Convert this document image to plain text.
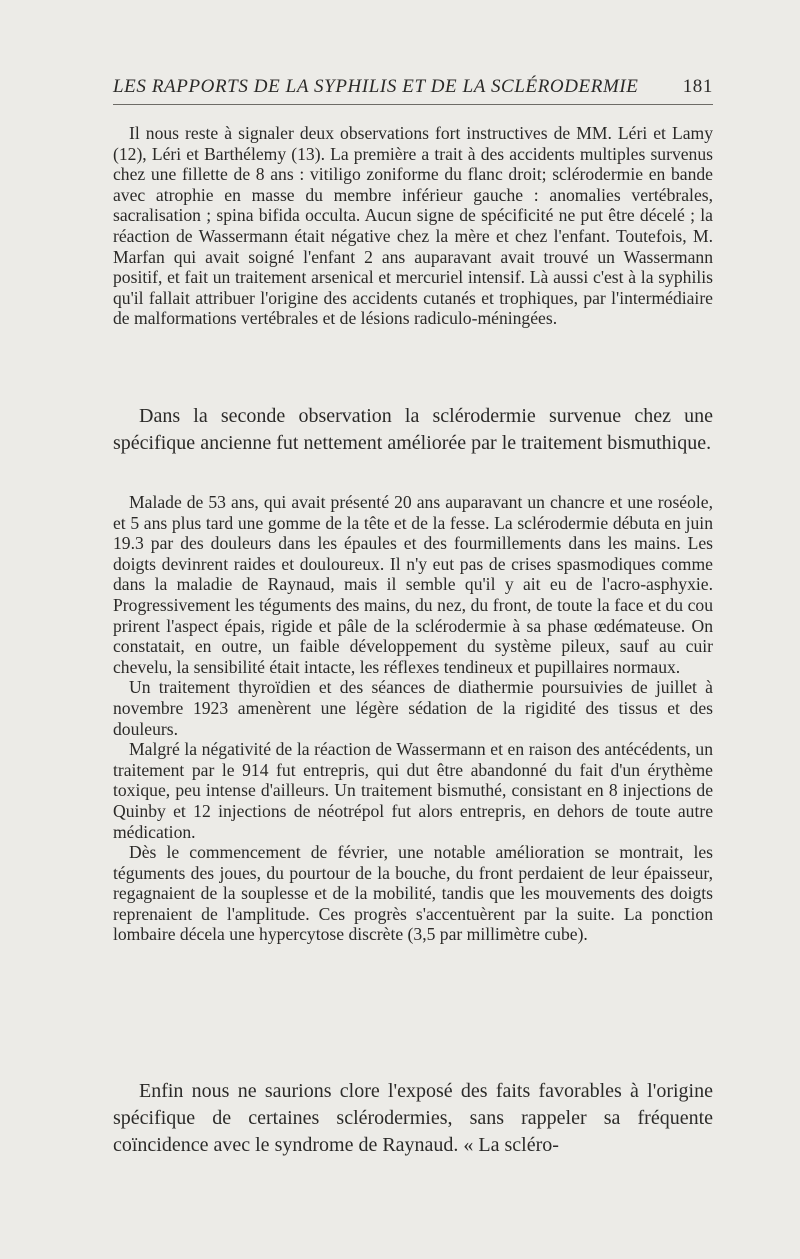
LES RAPPORTS DE LA SYPHILIS ET DE LA SCLÉRODERMIE 181

Il nous reste à signaler deux observations fort instructives de MM. Léri et Lamy (12), Léri et Barthélemy (13). La première a trait à des accidents multiples survenus chez une fillette de 8 ans : vitiligo zoniforme du flanc droit; sclérodermie en bande avec atrophie en masse du membre inférieur gauche : anomalies vertébrales, sacralisation ; spina bifida occulta. Aucun signe de spécificité ne put être décelé ; la réaction de Wassermann était négative chez la mère et chez l'enfant. Toutefois, M. Marfan qui avait soigné l'enfant 2 ans auparavant avait trouvé un Wassermann positif, et fait un traitement arsenical et mercuriel intensif. Là aussi c'est à la syphilis qu'il fallait attribuer l'origine des accidents cutanés et trophiques, par l'intermédiaire de malformations vertébrales et de lésions radiculo-méningées.

Dans la seconde observation la sclérodermie survenue chez une spécifique ancienne fut nettement améliorée par le traitement bismuthique.

Malade de 53 ans, qui avait présenté 20 ans auparavant un chancre et une roséole, et 5 ans plus tard une gomme de la tête et de la fesse. La sclérodermie débuta en juin 19.3 par des douleurs dans les épaules et des fourmillements dans les mains. Les doigts devinrent raides et douloureux. Il n'y eut pas de crises spasmodiques comme dans la maladie de Raynaud, mais il semble qu'il y ait eu de l'acro-asphyxie. Progressivement les téguments des mains, du nez, du front, de toute la face et du cou prirent l'aspect épais, rigide et pâle de la sclérodermie à sa phase œdémateuse. On constatait, en outre, un faible développement du système pileux, sauf au cuir chevelu, la sensibilité était intacte, les réflexes tendineux et pupillaires normaux.

Un traitement thyroïdien et des séances de diathermie poursuivies de juillet à novembre 1923 amenèrent une légère sédation de la rigidité des tissus et des douleurs.

Malgré la négativité de la réaction de Wassermann et en raison des antécédents, un traitement par le 914 fut entrepris, qui dut être abandonné du fait d'un érythème toxique, peu intense d'ailleurs. Un traitement bismuthé, consistant en 8 injections de Quinby et 12 injections de néotrépol fut alors entrepris, en dehors de toute autre médication.

Dès le commencement de février, une notable amélioration se montrait, les téguments des joues, du pourtour de la bouche, du front perdaient de leur épaisseur, regagnaient de la souplesse et de la mobilité, tandis que les mouvements des doigts reprenaient de l'amplitude. Ces progrès s'accentuèrent par la suite. La ponction lombaire décela une hypercytose discrète (3,5 par millimètre cube).

Enfin nous ne saurions clore l'exposé des faits favorables à l'origine spécifique de certaines sclérodermies, sans rappeler sa fréquente coïncidence avec le syndrome de Raynaud. « La scléro-
